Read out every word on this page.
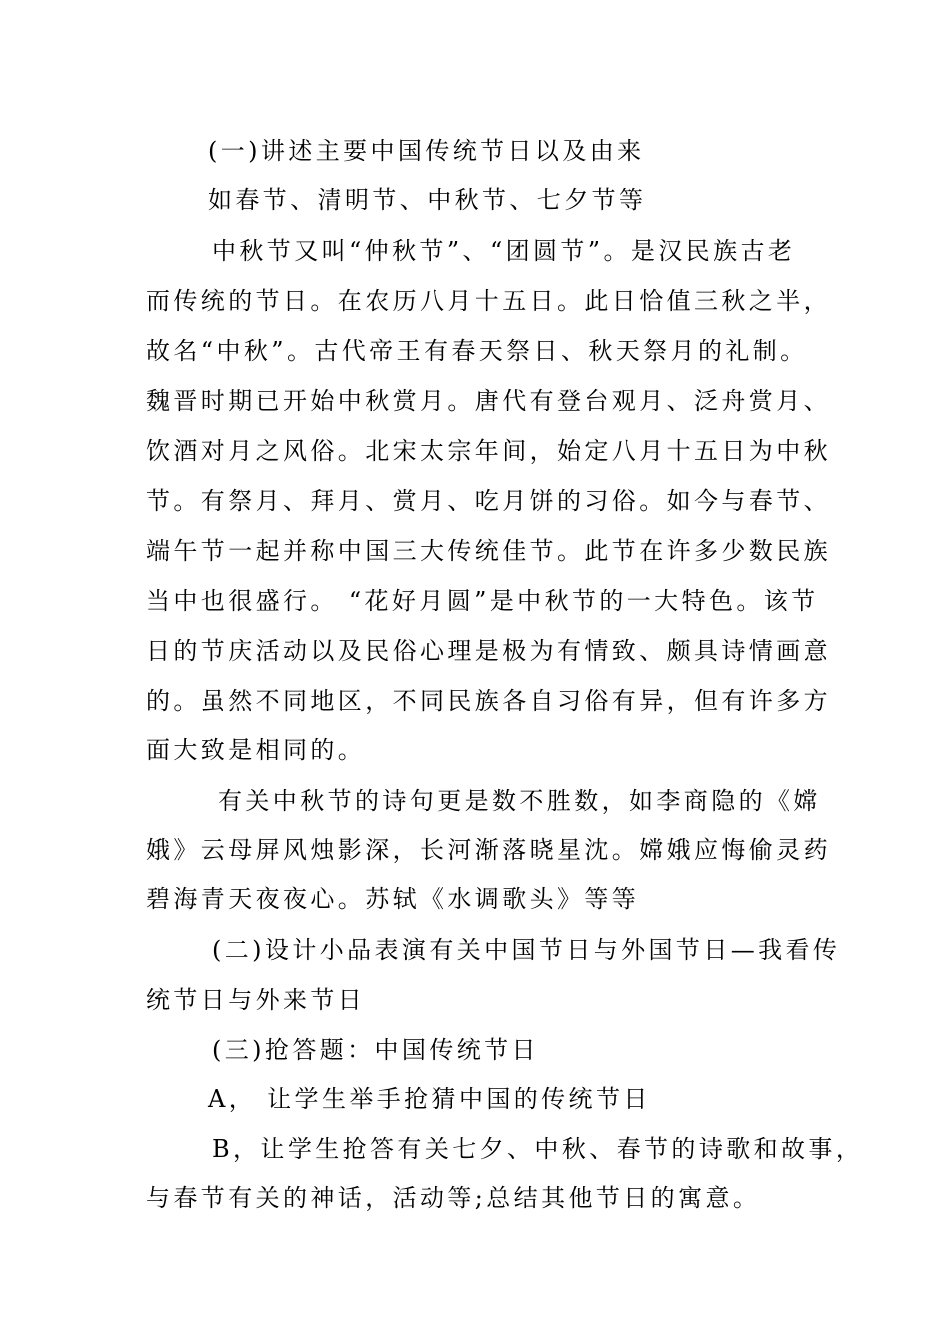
(一)讲述主要中国传统节日以及由来
如春节、清明节、中秋节、七夕节等
中秋节又叫“仲秋节”、“团圆节”。是汉民族古老
而传统的节日。在农历八月十五日。此日恰值三秋之半，
故名“中秋”。古代帝王有春天祭日、秋天祭月的礼制。
魏晋时期已开始中秋赏月。唐代有登台观月、泛舟赏月、
饮酒对月之风俗。北宋太宗年间，始定八月十五日为中秋
节。有祭月、拜月、赏月、吃月饼的习俗。如今与春节、
端午节一起并称中国三大传统佳节。此节在许多少数民族
当中也很盛行。 “花好月圆”是中秋节的一大特色。该节
日的节庆活动以及民俗心理是极为有情致、颇具诗情画意
的。虽然不同地区，不同民族各自习俗有异，但有许多方
面大致是相同的。
有关中秋节的诗句更是数不胜数，如李商隐的《嫦
娥》云母屏风烛影深，长河渐落晓星沈。嫦娥应悔偷灵药
碧海青天夜夜心。苏轼《水调歌头》等等
(二)设计小品表演有关中国节日与外国节日—我看传
统节日与外来节日
(三)抢答题：中国传统节日
A， 让学生举手抢猜中国的传统节日
B，让学生抢答有关七夕、中秋、春节的诗歌和故事，
与春节有关的神话，活动等;总结其他节日的寓意。
